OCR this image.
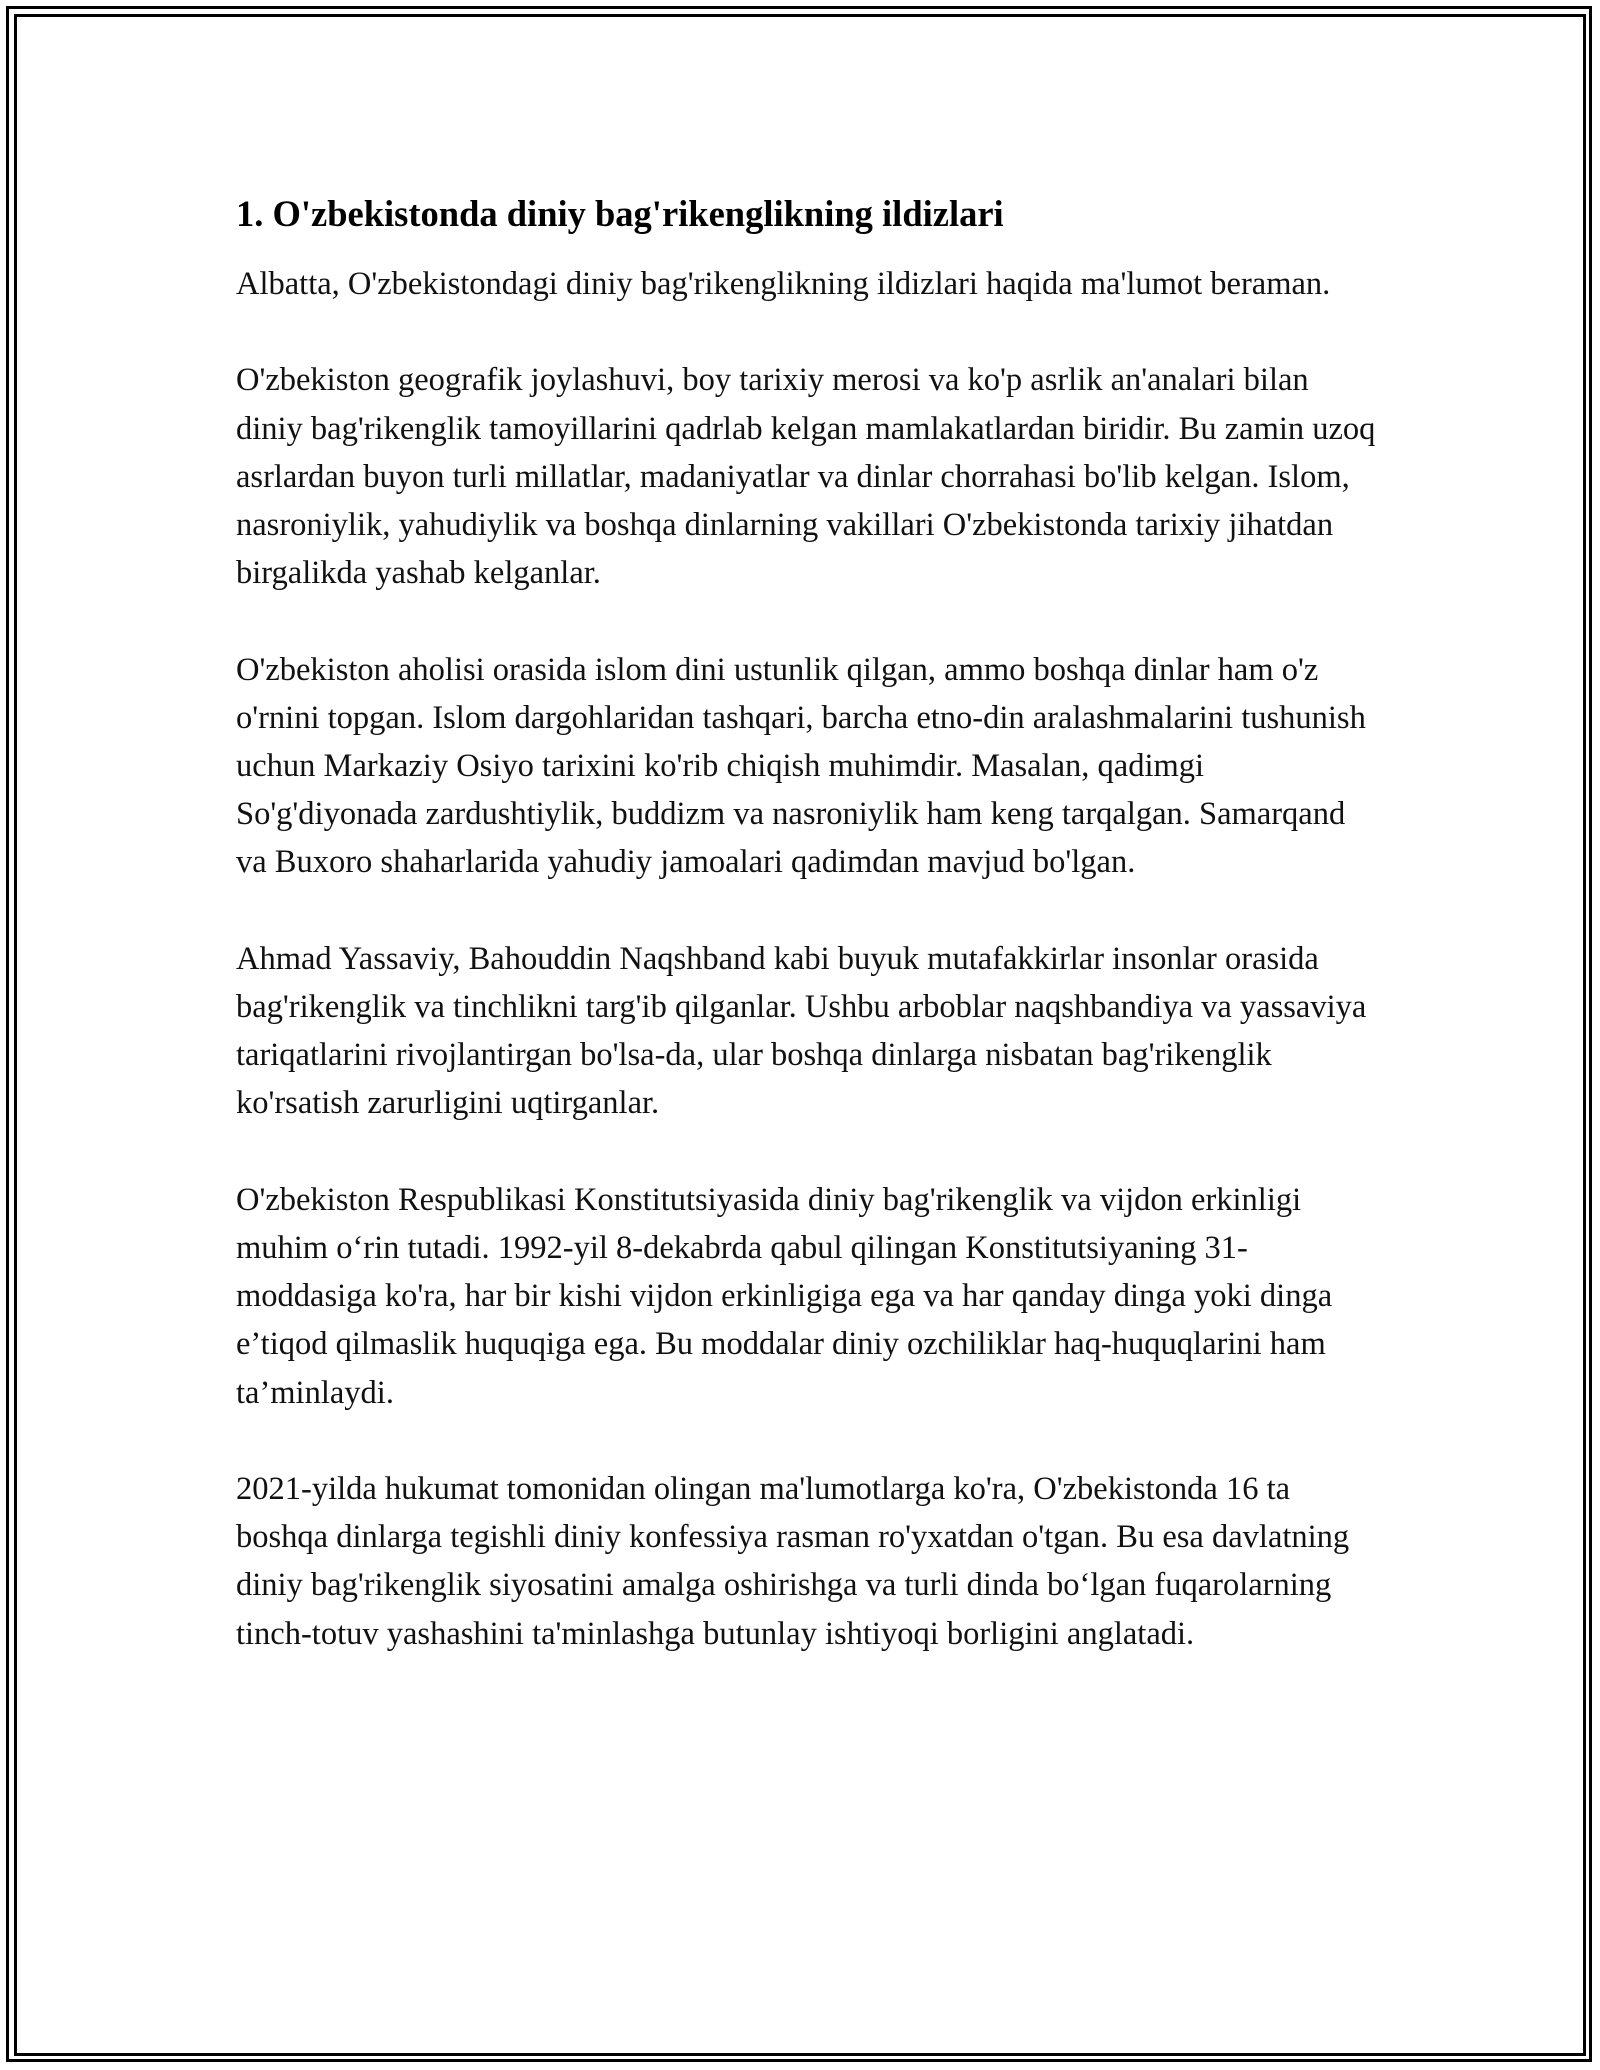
1. O'zbekistonda diniy bag'rikenglikning ildizlari

Albatta, O'zbekistondagi diniy bag'rikenglikning ildizlari haqida ma'lumot beraman.

O'zbekiston geografik joylashuvi, boy tarixiy merosi va ko'p asrlik an'analari bilan diniy bag'rikenglik tamoyillarini qadrlab kelgan mamlakatlardan biridir. Bu zamin uzoq asrlardan buyon turli millatlar, madaniyatlar va dinlar chorrahasi bo'lib kelgan. Islom, nasroniylik, yahudiylik va boshqa dinlarning vakillari O'zbekistonda tarixiy jihatdan birgalikda yashab kelganlar.

O'zbekiston aholisi orasida islom dini ustunlik qilgan, ammo boshqa dinlar ham o'z o'rnini topgan. Islom dargohlaridan tashqari, barcha etno-din aralashmalarini tushunish uchun Markaziy Osiyo tarixini ko'rib chiqish muhimdir. Masalan, qadimgi So'g'diyonada zardushtiylik, buddizm va nasroniylik ham keng tarqalgan. Samarqand va Buxoro shaharlarida yahudiy jamoalari qadimdan mavjud bo'lgan.

Ahmad Yassaviy, Bahouddin Naqshband kabi buyuk mutafakkirlar insonlar orasida bag'rikenglik va tinchlikni targ'ib qilganlar. Ushbu arboblar naqshbandiya va yassaviya tariqatlarini rivojlantirgan bo'lsa-da, ular boshqa dinlarga nisbatan bag'rikenglik ko'rsatish zarurligini uqtirganlar.

O'zbekiston Respublikasi Konstitutsiyasida diniy bag'rikenglik va vijdon erkinligi muhim o‘rin tutadi. 1992-yil 8-dekabrda qabul qilingan Konstitutsiyaning 31-moddasiga ko'ra, har bir kishi vijdon erkinligiga ega va har qanday dinga yoki dinga e’tiqod qilmaslik huquqiga ega. Bu moddalar diniy ozchiliklar haq-huquqlarini ham ta’minlaydi.

2021-yilda hukumat tomonidan olingan ma'lumotlarga ko'ra, O'zbekistonda 16 ta boshqa dinlarga tegishli diniy konfessiya rasman ro'yxatdan o'tgan. Bu esa davlatning diniy bag'rikenglik siyosatini amalga oshirishga va turli dinda bo‘lgan fuqarolarning tinch-totuv yashashini ta'minlashga butunlay ishtiyoqi borligini anglatadi.
